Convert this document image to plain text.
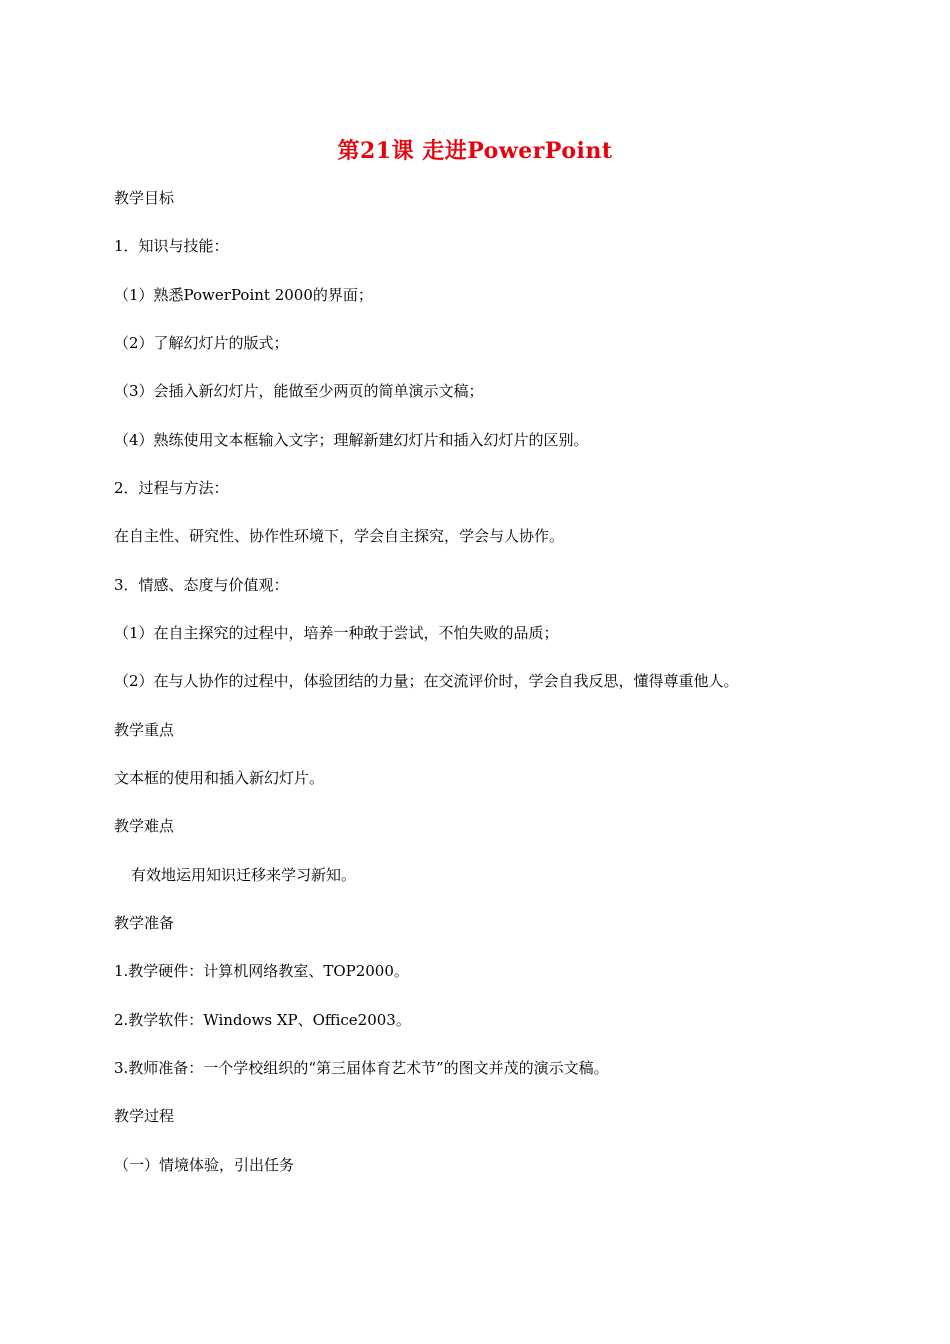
第21课 走进PowerPoint
教学目标
1．知识与技能：
（1）熟悉PowerPoint 2000的界面；
（2）了解幻灯片的版式；
（3）会插入新幻灯片，能做至少两页的简单演示文稿；
（4）熟练使用文本框输入文字；理解新建幻灯片和插入幻灯片的区别。
2．过程与方法：
在自主性、研究性、协作性环境下，学会自主探究，学会与人协作。
3．情感、态度与价值观：
（1）在自主探究的过程中，培养一种敢于尝试，不怕失败的品质；
（2）在与人协作的过程中，体验团结的力量；在交流评价时，学会自我反思，懂得尊重他人。
教学重点
文本框的使用和插入新幻灯片。
教学难点
有效地运用知识迁移来学习新知。
教学准备
1.教学硬件：计算机网络教室、TOP2000。
2.教学软件：Windows XP、Office2003。
3.教师准备：一个学校组织的“第三届体育艺术节”的图文并茂的演示文稿。
教学过程
（一）情境体验，引出任务
